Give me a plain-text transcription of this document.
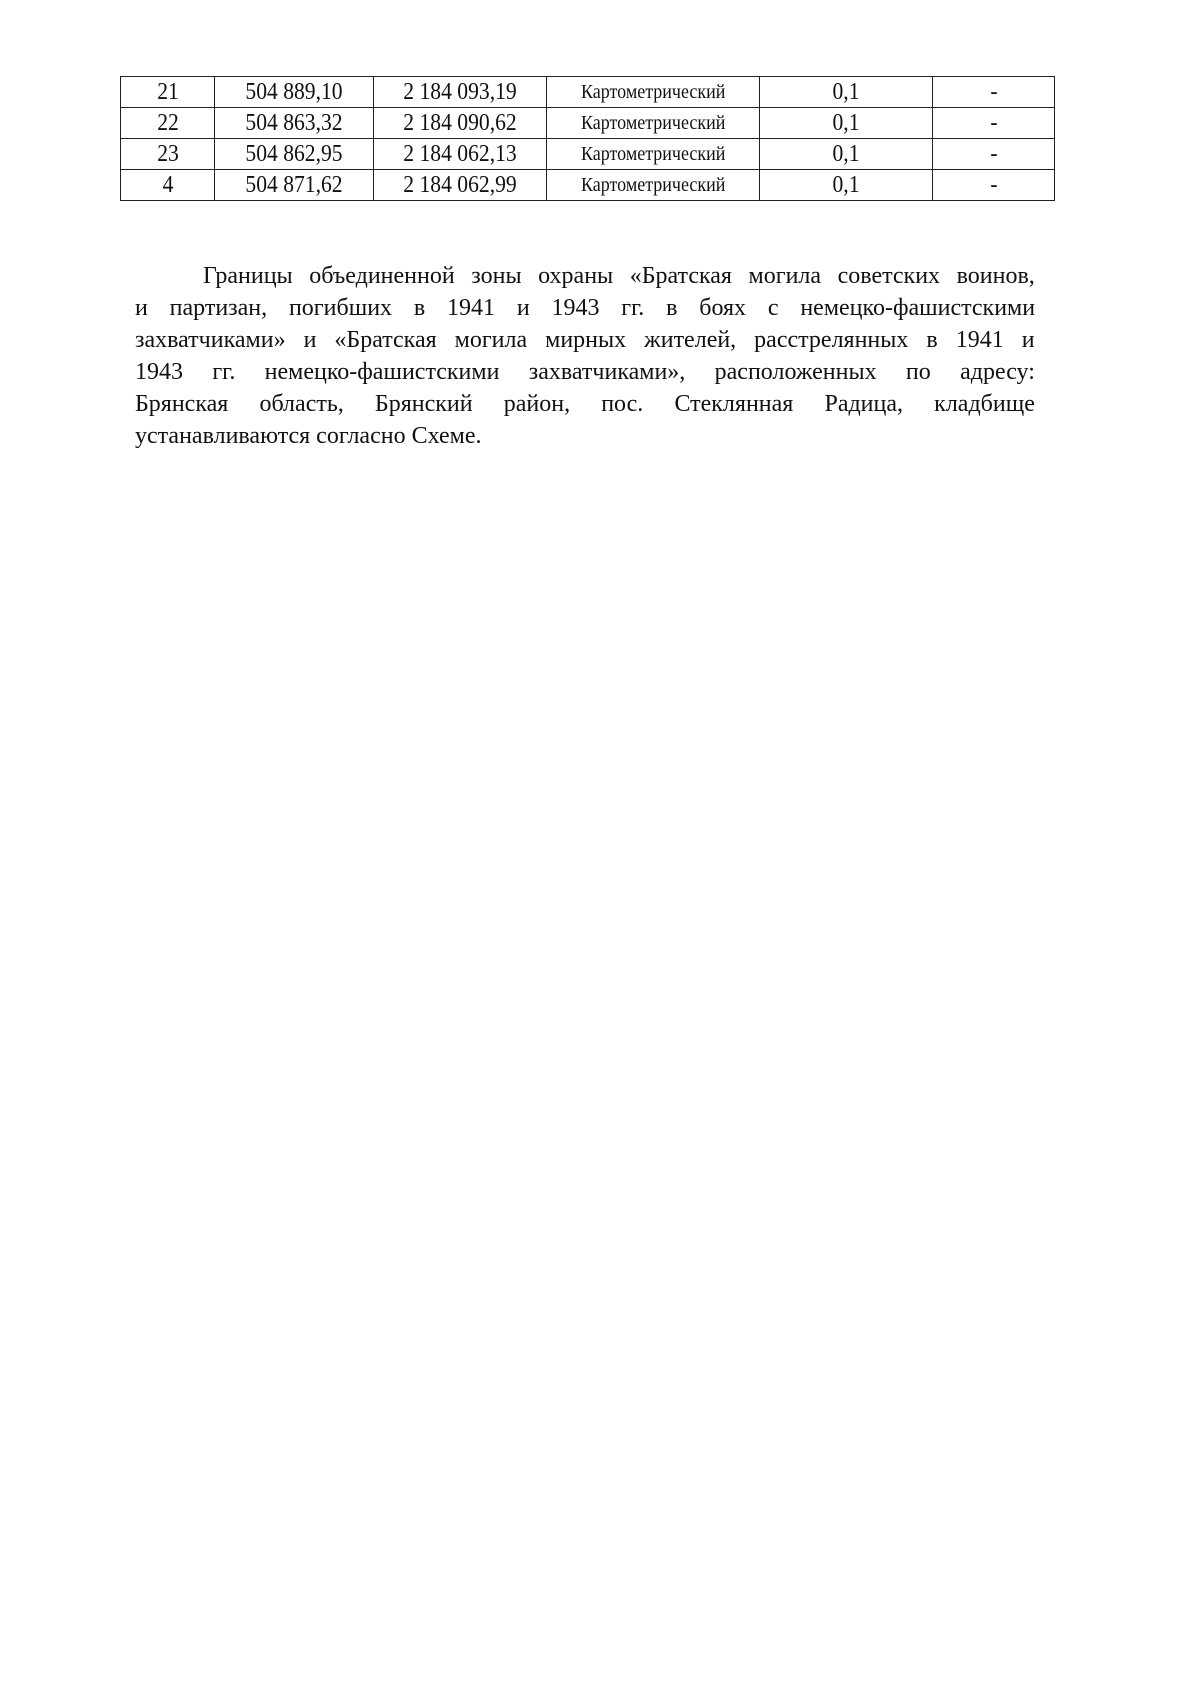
21	504 889,10	2 184 093,19	Картометрический	0,1	-
22	504 863,32	2 184 090,62	Картометрический	0,1	-
23	504 862,95	2 184 062,13	Картометрический	0,1	-
4	504 871,62	2 184 062,99	Картометрический	0,1	-
Границы объединенной зоны охраны «Братская могила советских воинов,
и партизан, погибших в 1941 и 1943 гг. в боях с немецко-фашистскими
захватчиками» и «Братская могила мирных жителей, расстрелянных в 1941 и
1943 гг. немецко-фашистскими захватчиками», расположенных по адресу:
Брянская область, Брянский район, пос. Стеклянная Радица, кладбище
устанавливаются согласно Схеме.
